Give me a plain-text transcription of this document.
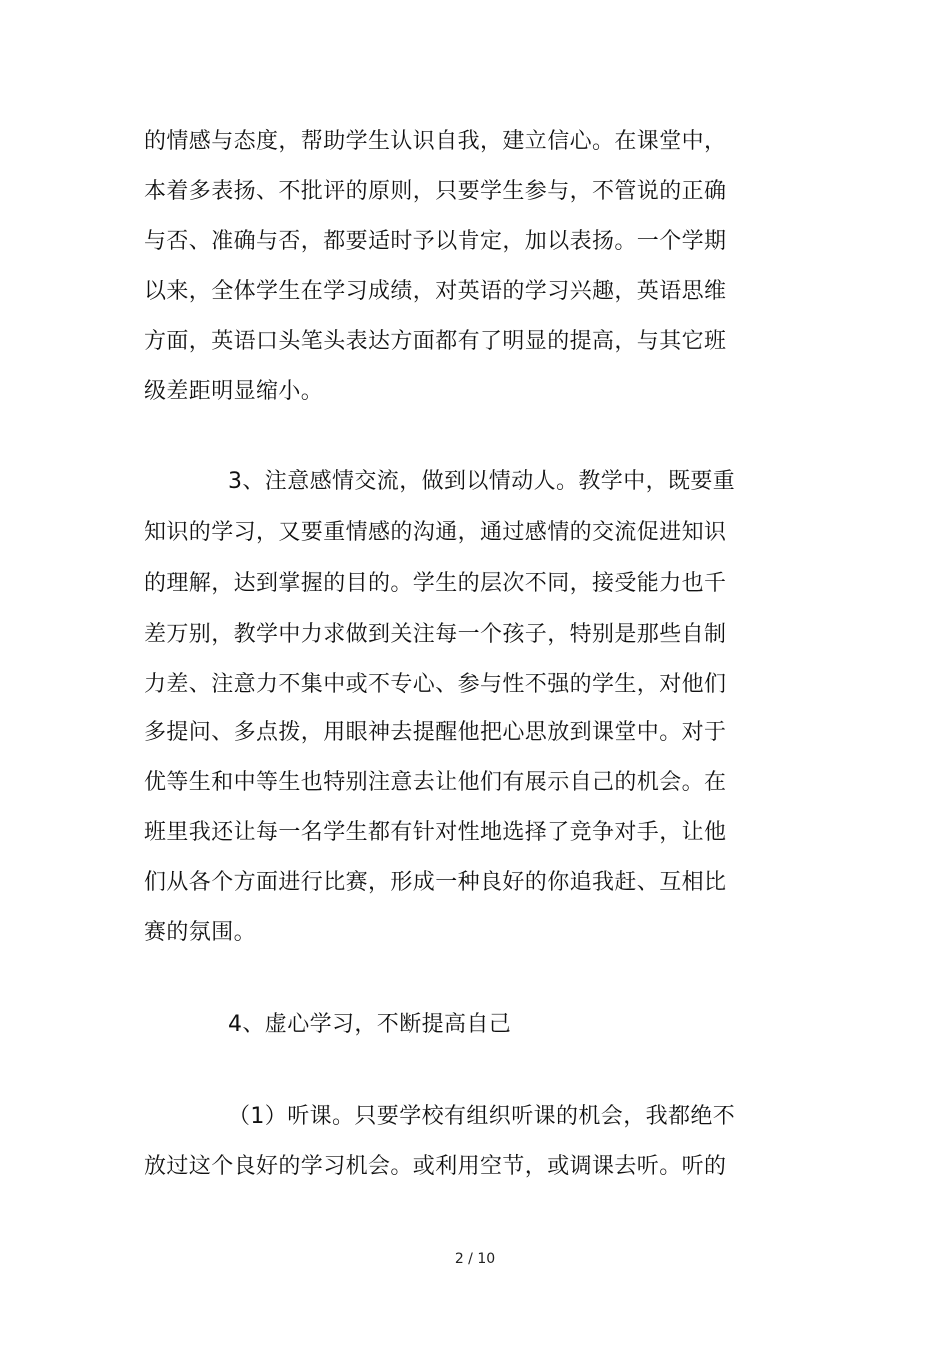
的情感与态度，帮助学生认识自我，建立信心。在课堂中，
本着多表扬、不批评的原则，只要学生参与，不管说的正确
与否、准确与否，都要适时予以肯定，加以表扬。一个学期
以来，全体学生在学习成绩，对英语的学习兴趣，英语思维
方面，英语口头笔头表达方面都有了明显的提高，与其它班
级差距明显缩小。
3、注意感情交流，做到以情动人。教学中，既要重
知识的学习，又要重情感的沟通，通过感情的交流促进知识
的理解，达到掌握的目的。学生的层次不同，接受能力也千
差万别，教学中力求做到关注每一个孩子，特别是那些自制
力差、注意力不集中或不专心、参与性不强的学生，对他们
多提问、多点拨，用眼神去提醒他把心思放到课堂中。对于
优等生和中等生也特别注意去让他们有展示自己的机会。在
班里我还让每一名学生都有针对性地选择了竞争对手，让他
们从各个方面进行比赛，形成一种良好的你追我赶、互相比
赛的氛围。
4、虚心学习，不断提高自己
（1）听课。只要学校有组织听课的机会，我都绝不
放过这个良好的学习机会。或利用空节，或调课去听。听的
2 / 10
